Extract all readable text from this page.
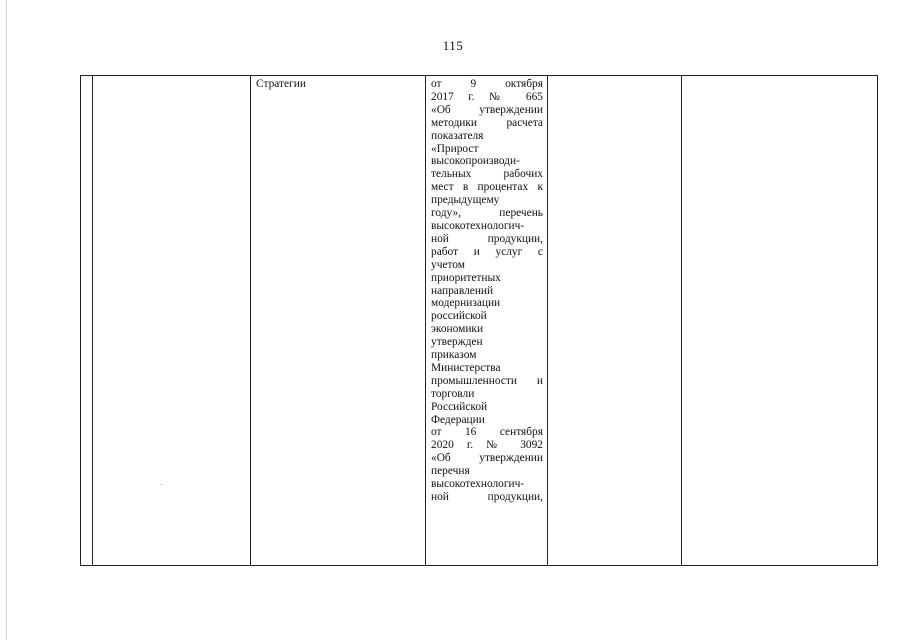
115

Стратегии	от 9 октября
2017 г. № 665
«Об утверждении
методики расчета
показателя
«Прирост
высокопроизводи-
тельных рабочих
мест в процентах к
предыдущему
году», перечень
высокотехнологич-
ной продукции,
работ и услуг с
учетом
приоритетных
направлений
модернизации
российской
экономики
утвержден
приказом
Министерства
промышленности и
торговли
Российской
Федерации
от 16 сентября
2020 г. № 3092
«Об утверждении
перечня
высокотехнологич-
ной продукции,
